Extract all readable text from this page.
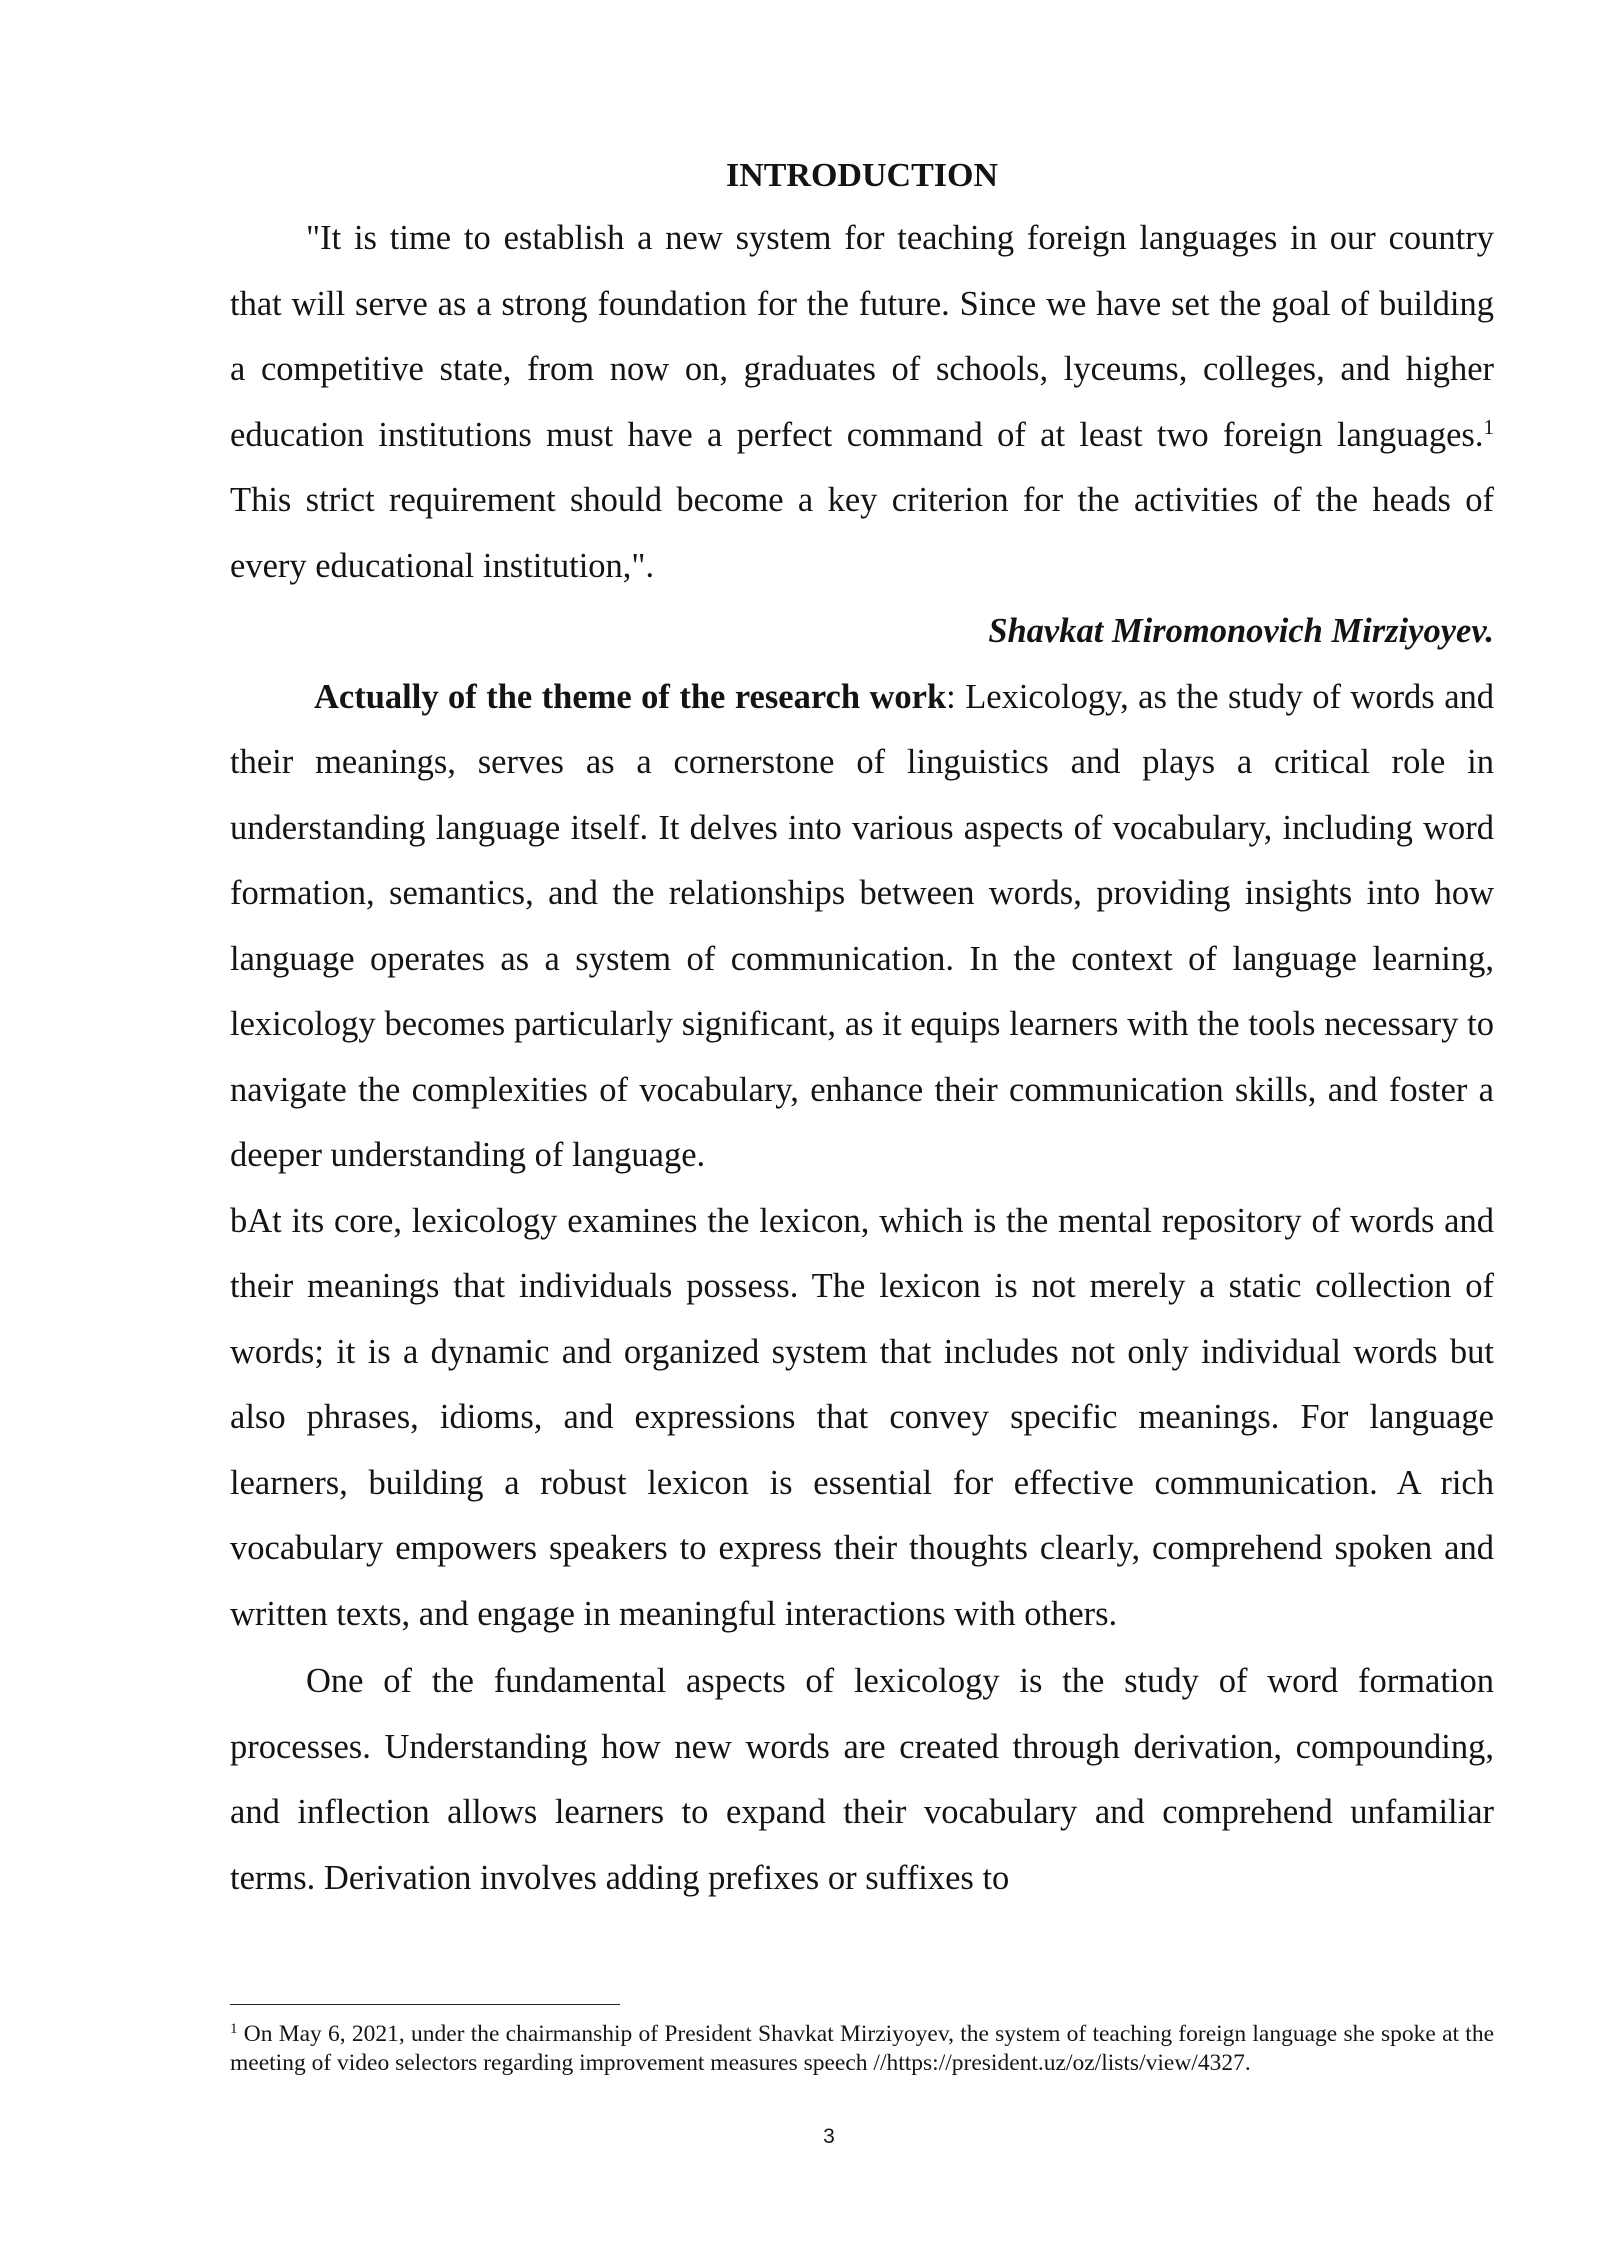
INTRODUCTION

"It is time to establish a new system for teaching foreign languages in our country that will serve as a strong foundation for the future. Since we have set the goal of building a competitive state, from now on, graduates of schools, lyceums, colleges, and higher education institutions must have a perfect command of at least two foreign languages.$^1$ This strict requirement should become a key criterion for the activities of the heads of every educational institution,".

Shavkat Miromonovich Mirziyoyev.

Actually of the theme of the research work: Lexicology, as the study of words and their meanings, serves as a cornerstone of linguistics and plays a critical role in understanding language itself. It delves into various aspects of vocabulary, including word formation, semantics, and the relationships between words, providing insights into how language operates as a system of communication. In the context of language learning, lexicology becomes particularly significant, as it equips learners with the tools necessary to navigate the complexities of vocabulary, enhance their communication skills, and foster a deeper understanding of language.

bAt its core, lexicology examines the lexicon, which is the mental repository of words and their meanings that individuals possess. The lexicon is not merely a static collection of words; it is a dynamic and organized system that includes not only individual words but also phrases, idioms, and expressions that convey specific meanings. For language learners, building a robust lexicon is essential for effective communication. A rich vocabulary empowers speakers to express their thoughts clearly, comprehend spoken and written texts, and engage in meaningful interactions with others.

One of the fundamental aspects of lexicology is the study of word formation processes. Understanding how new words are created through derivation, compounding, and inflection allows learners to expand their vocabulary and comprehend unfamiliar terms. Derivation involves adding prefixes or suffixes to

$^1$ On May 6, 2021, under the chairmanship of President Shavkat Mirziyoyev, the system of teaching foreign language she spoke at the meeting of video selectors regarding improvement measures speech //https://president.uz/oz/lists/view/4327.

3
